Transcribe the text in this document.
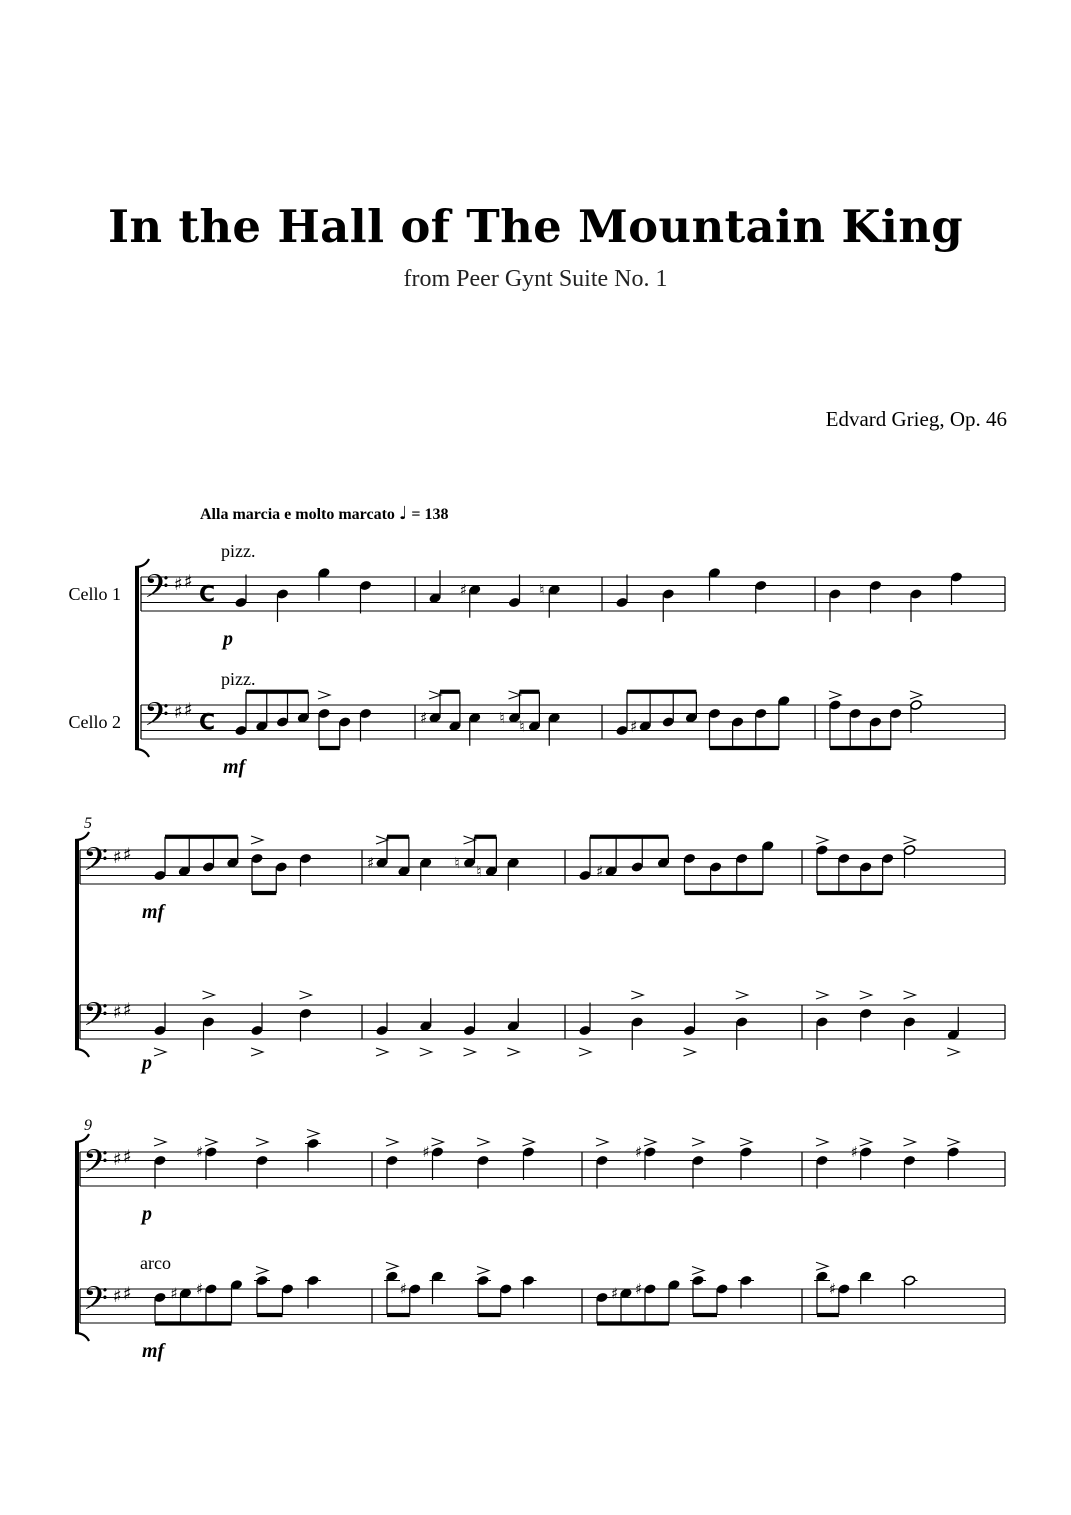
In the Hall of The Mountain King
from Peer Gynt Suite No. 1
Edvard Grieg, Op. 46
Alla marcia e molto marcato ♩ = 138
Cello 1
Cello 2
𝄢 ♯ ♯
C
𝄢 ♯ ♯
C
♯	♮
pizz.
p
♯	♮ ♮	♯
pizz.
mf
5
𝄢 ♯ ♯
𝄢 ♯ ♯
♯	♮ ♮	♯
mf
p
9
𝄢 ♯ ♯
𝄢 ♯ ♯
♯	♯	♯	♯
p
♯ ♯	♯	♯ ♯	♯
arco
mf
